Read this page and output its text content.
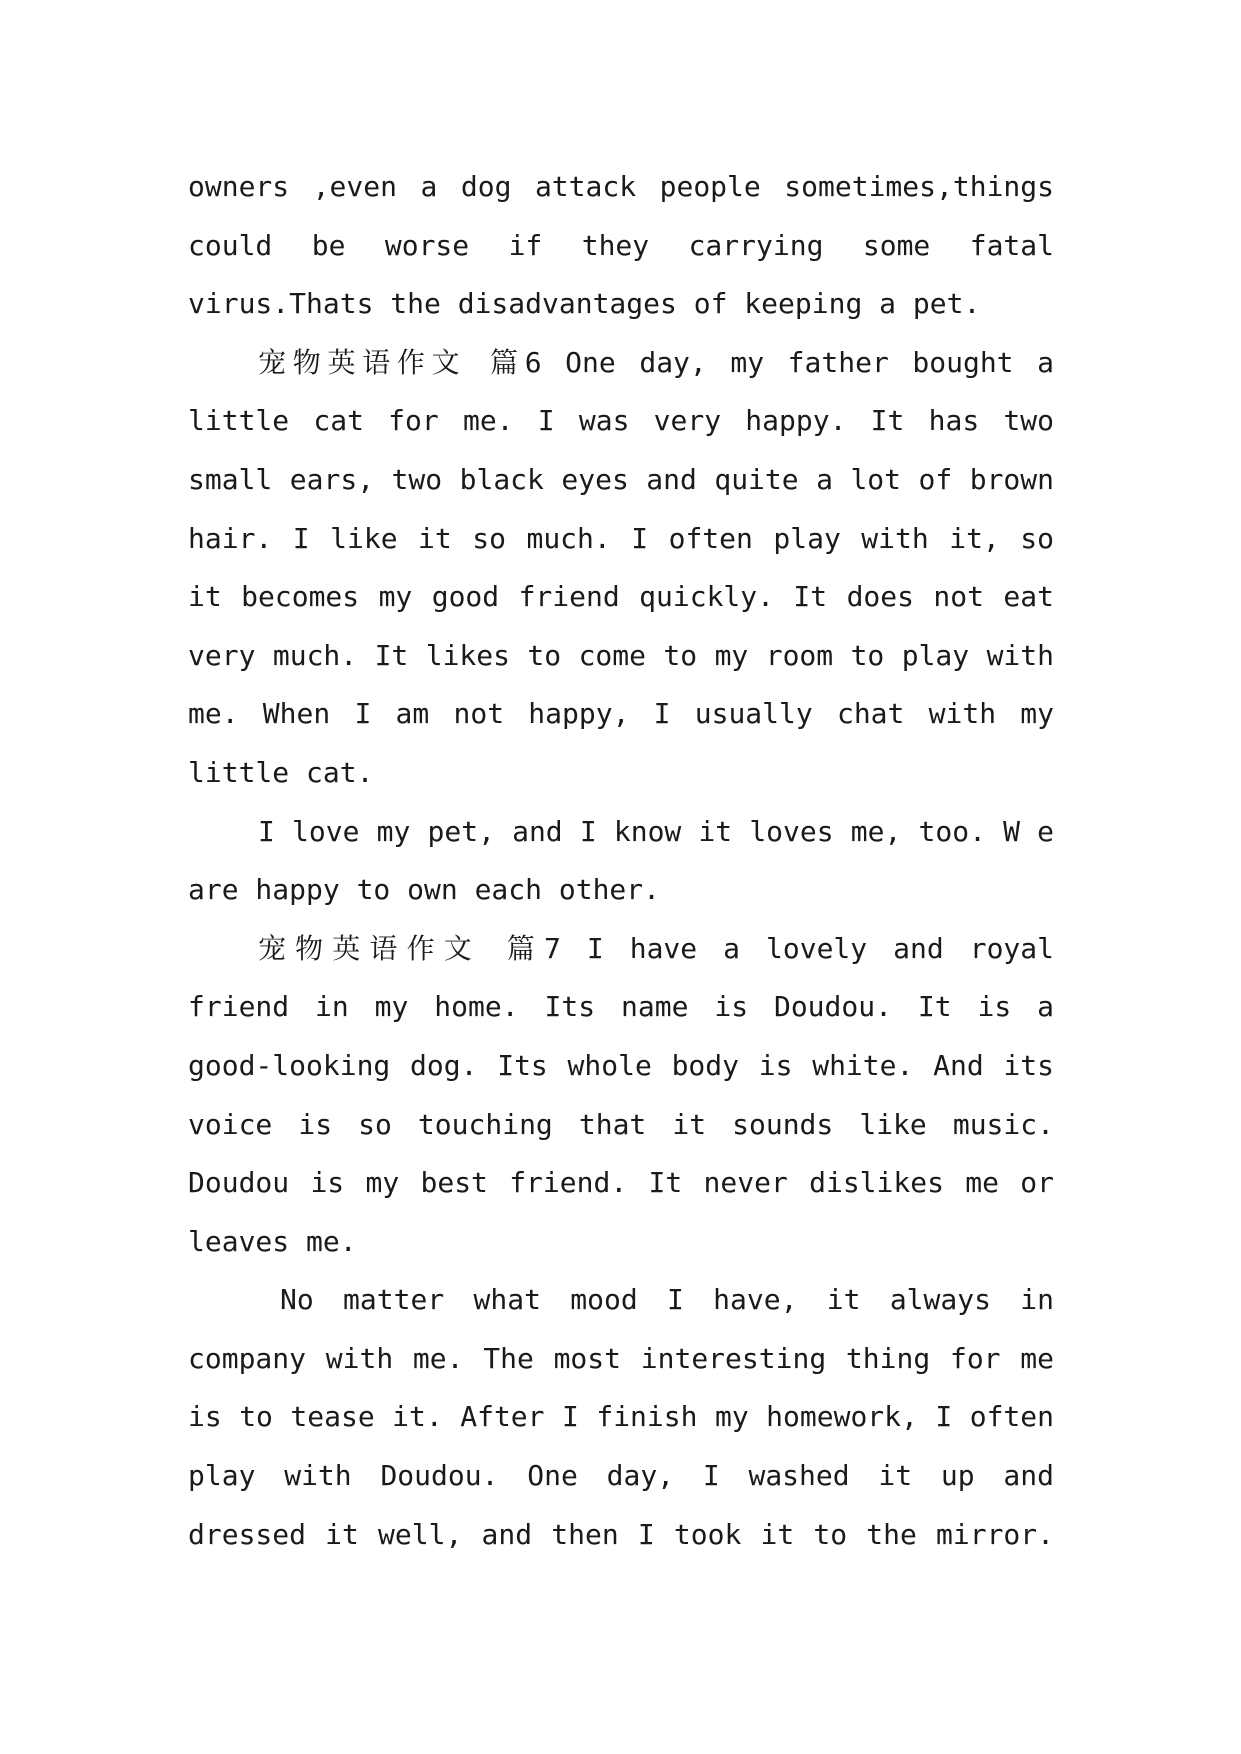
owners ,even a dog attack people sometimes,things
could be worse if they carrying some fatal
virus.Thats the disadvantages of keeping a pet.
宠物英语作文 篇6 One day, my father bought a
little cat for me. I was very happy. It has two
small ears, two black eyes and quite a lot of brown
hair. I like it so much. I often play with it, so
it becomes my good friend quickly. It does not eat
very much. It likes to come to my room to play with
me. When I am not happy, I usually chat with my
little cat.
I love my pet, and I know it loves me, too. W e
are happy to own each other.
宠物英语作文 篇7 I have a lovely and royal
friend in my home. Its name is Doudou. It is a
good-looking dog. Its whole body is white. And its
voice is so touching that it sounds like music.
Doudou is my best friend. It never dislikes me or
leaves me.
No matter what mood I have, it always in
company with me. The most interesting thing for me
is to tease it. After I finish my homework, I often
play with Doudou. One day, I washed it up and
dressed it well, and then I took it to the mirror.
